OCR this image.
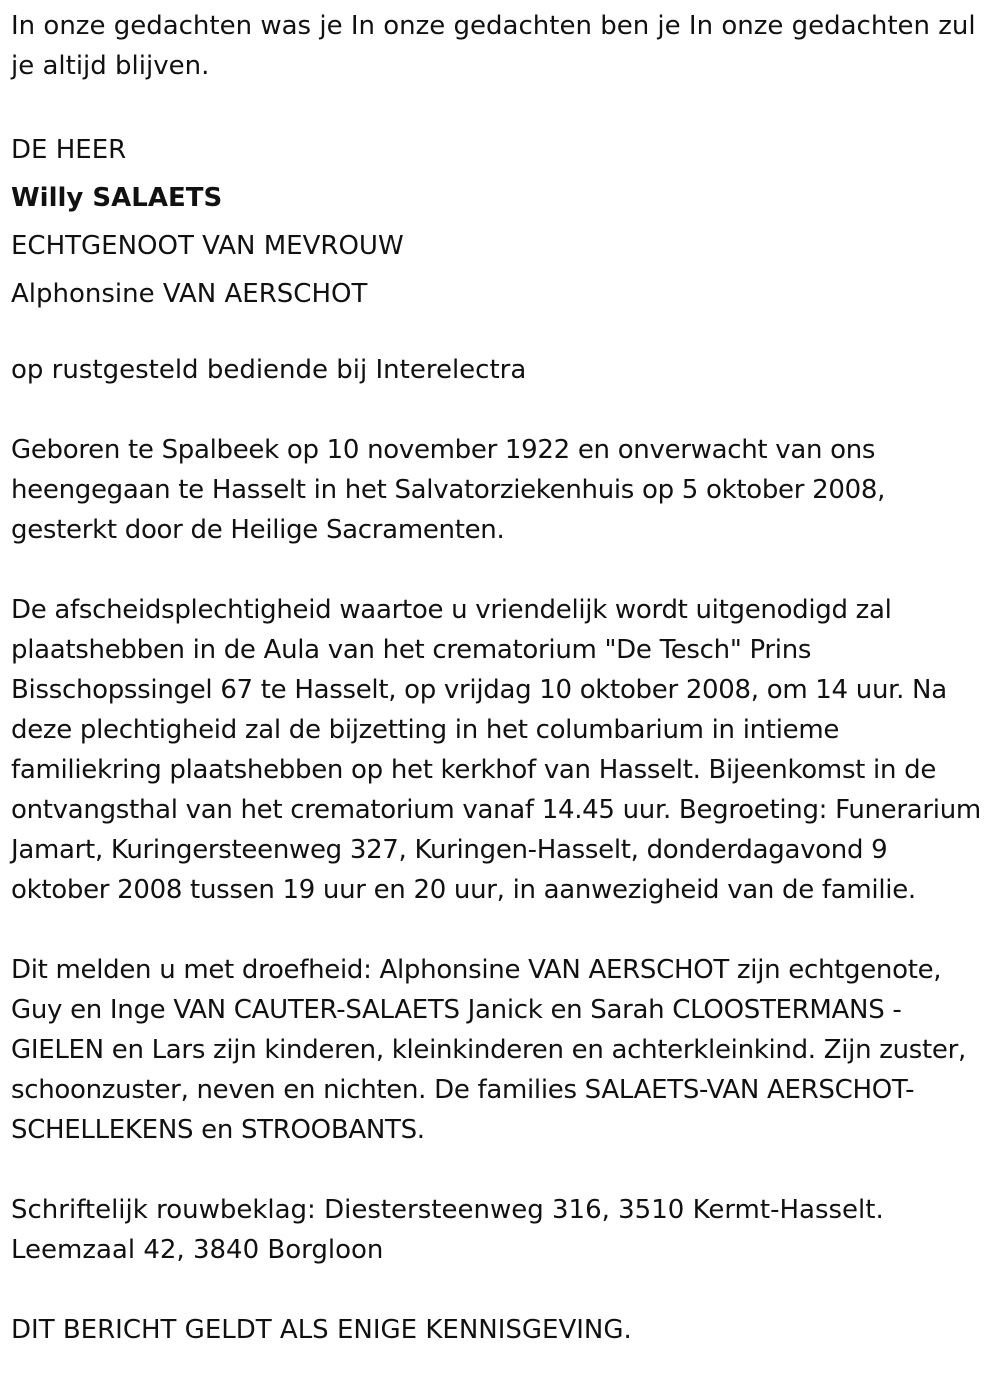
In onze gedachten was je In onze gedachten ben je In onze gedachten zul je altijd blijven.

DE HEER

Willy SALAETS

ECHTGENOOT VAN MEVROUW

Alphonsine VAN AERSCHOT

op rustgesteld bediende bij Interelectra

Geboren te Spalbeek op 10 november 1922 en onverwacht van ons heengegaan te Hasselt in het Salvatorziekenhuis op 5 oktober 2008, gesterkt door de Heilige Sacramenten.

De afscheidsplechtigheid waartoe u vriendelijk wordt uitgenodigd zal plaatshebben in de Aula van het crematorium "De Tesch" Prins Bisschopssingel 67 te Hasselt, op vrijdag 10 oktober 2008, om 14 uur. Na deze plechtigheid zal de bijzetting in het columbarium in intieme familiekring plaatshebben op het kerkhof van Hasselt. Bijeenkomst in de ontvangsthal van het crematorium vanaf 14.45 uur. Begroeting: Funerarium Jamart, Kuringersteenweg 327, Kuringen-Hasselt, donderdagavond 9 oktober 2008 tussen 19 uur en 20 uur, in aanwezigheid van de familie.

Dit melden u met droefheid: Alphonsine VAN AERSCHOT zijn echtgenote, Guy en Inge VAN CAUTER-SALAETS Janick en Sarah CLOOSTERMANS -GIELEN en Lars zijn kinderen, kleinkinderen en achterkleinkind. Zijn zuster, schoonzuster, neven en nichten. De families SALAETS-VAN AERSCHOT-SCHELLEKENS en STROOBANTS.

Schriftelijk rouwbeklag: Diestersteenweg 316, 3510 Kermt-Hasselt.

Leemzaal 42, 3840 Borgloon

DIT BERICHT GELDT ALS ENIGE KENNISGEVING.
